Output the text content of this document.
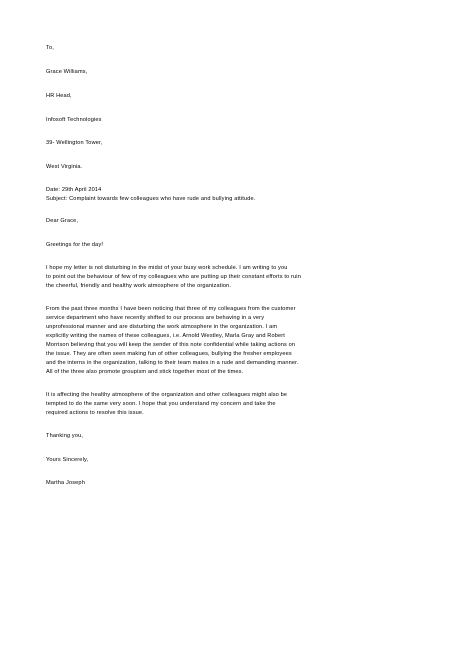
To,
Grace Williams,
HR Head,
Infosoft Technologies
39- Wellington Tower,
West Virginia.
Date: 29th April 2014
Subject: Complaint towards few colleagues who have rude and bullying attitude.
Dear Grace,
Greetings for the day!
I hope my letter is not disturbing in the midst of your busy work schedule. I am writing to you
to point out the behaviour of few of my colleagues who are putting up their constant efforts to ruin
the cheerful, friendly and healthy work atmosphere of the organization.
From the past three months I have been noticing that three of my colleagues from the customer
service department who have recently shifted to our process are behaving in a very
unprofessional manner and are disturbing the work atmosphere in the organization. I am
explicitly writing the names of these colleagues, i.e. Arnold Westley, Marla Gray and Robert
Morrison believing that you will keep the sender of this note confidential while taking actions on
the issue. They are often seen making fun of other colleagues, bullying the fresher employees
and the interns in the organization, talking to their team mates in a rude and demanding manner.
All of the three also promote groupism and stick together most of the times.
It is affecting the healthy atmosphere of the organization and other colleagues might also be
tempted to do the same very soon. I hope that you understand my concern and take the
required actions to resolve this issue.
Thanking you,
Yours Sincerely,
Martha Joseph
